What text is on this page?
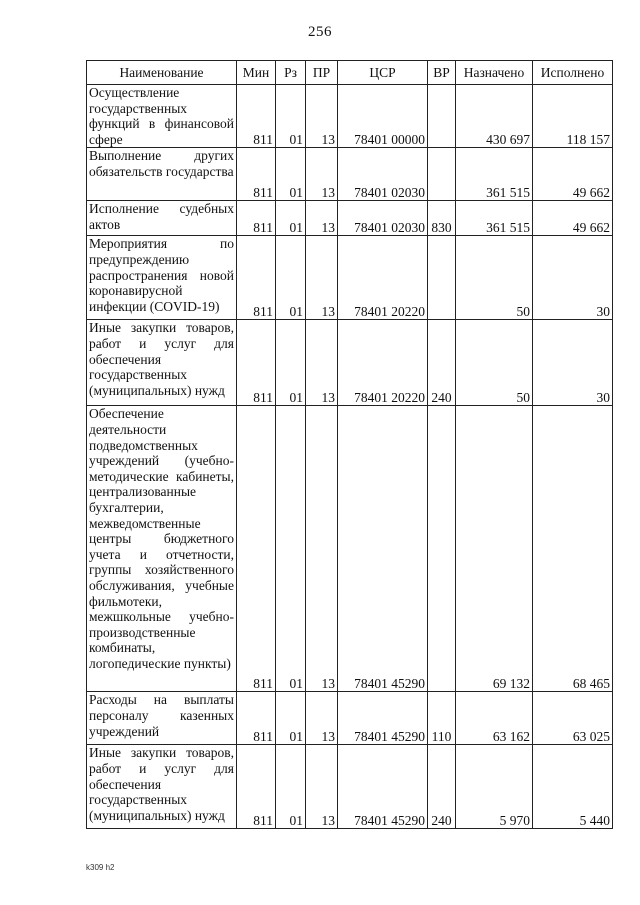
256
Наименование	Мин	Рз	ПР	ЦСР	ВР	Назначено	Исполнено
Осуществление государственных функций в финансовой сфере	811	01	13	78401 00000		430 697	118 157
Выполнение других обязательств государства	811	01	13	78401 02030		361 515	49 662
Исполнение судебных актов	811	01	13	78401 02030	830	361 515	49 662
Мероприятия по предупреждению распространения новой коронавирусной инфекции (COVID-19)	811	01	13	78401 20220		50	30
Иные закупки товаров, работ и услуг для обеспечения государственных (муниципальных) нужд	811	01	13	78401 20220	240	50	30
Обеспечение деятельности подведомственных учреждений (учебно-методические кабинеты, централизованные бухгалтерии, межведомственные центры бюджетного учета и отчетности, группы хозяйственного обслуживания, учебные фильмотеки, межшкольные учебно-производственные комбинаты, логопедические пункты)	811	01	13	78401 45290		69 132	68 465
Расходы на выплаты персоналу казенных учреждений	811	01	13	78401 45290	110	63 162	63 025
Иные закупки товаров, работ и услуг для обеспечения государственных (муниципальных) нужд	811	01	13	78401 45290	240	5 970	5 440
k309 h2
